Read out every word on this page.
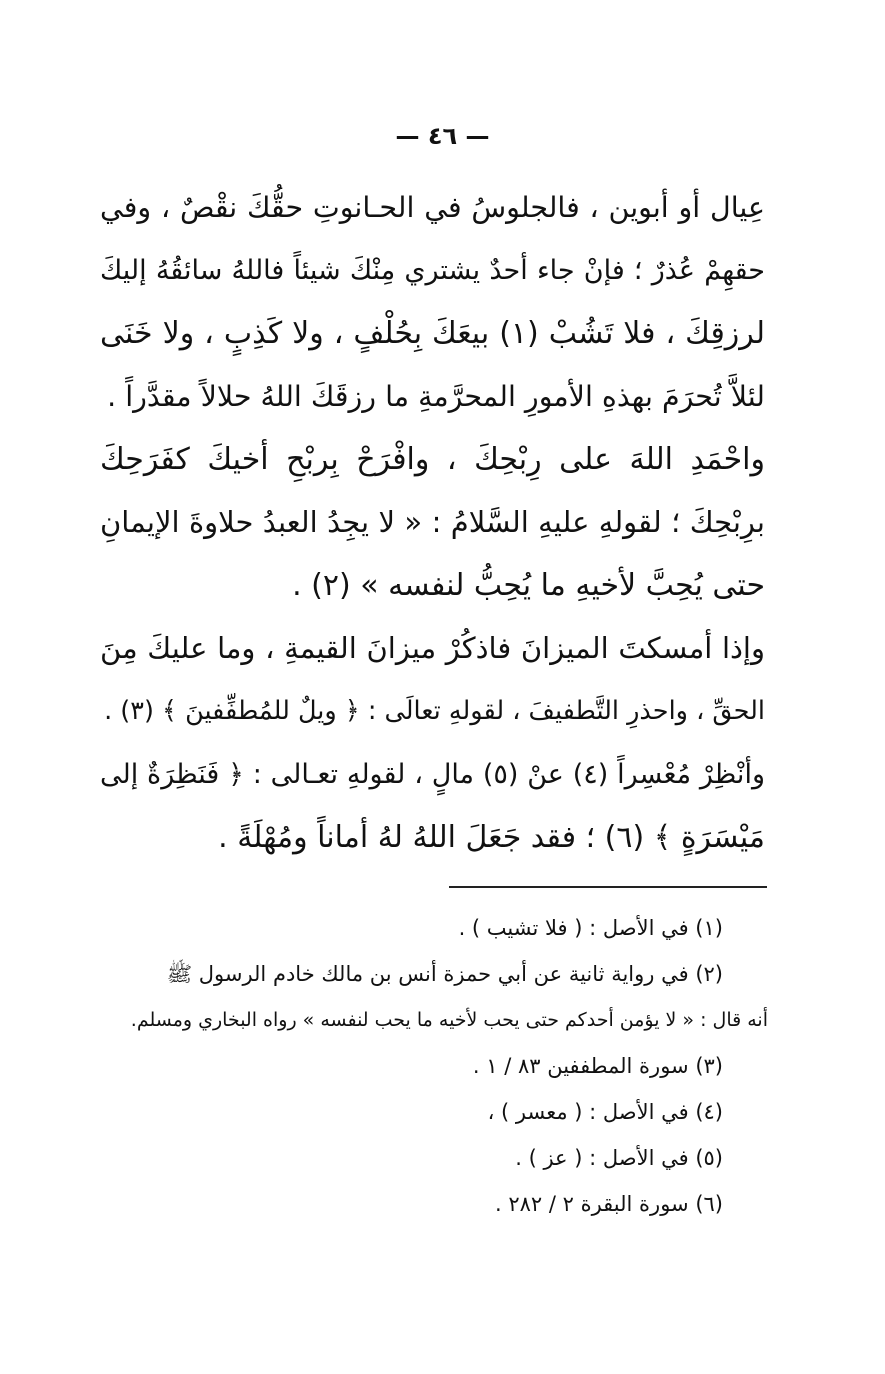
— ٤٦ —
عِيال أو أبوين ، فالجلوسُ في الحـانوتِ حقُّكَ نقْصٌ ، وفي
حقهِمْ عُذرٌ ؛ فإنْ جاء أحدٌ يشتري مِنْكَ شيئاً فاللهُ سائقُهُ إليكَ
لرزقِكَ ، فلا تَشُبْ (١) بيعَكَ بِحُلْفٍ ، ولا كَذِبٍ ، ولا خَنَى
لئلاَّ تُحرَمَ بهذهِ الأمورِ المحرَّمةِ ما رزقَكَ اللهُ حلالاً مقدَّراً .
واحْمَدِ اللهَ على رِبْحِكَ ، وافْرَحْ بِربْحِ أخيكَ كفَرَحِكَ
برِبْحِكَ ؛ لقولهِ عليهِ السَّلامُ : « لا يجِدُ العبدُ حلاوةَ الإيمانِ
حتى يُحِبَّ لأخيهِ ما يُحِبُّ لنفسه » (٢) .
وإذا أمسكتَ الميزانَ فاذكُرْ ميزانَ القيمةِ ، وما عليكَ مِنَ
الحقِّ ، واحذرِ التَّطفيفَ ، لقولهِ تعالَى : ﴿ ويلٌ للمُطفِّفينَ ﴾ (٣) .
وأنْظِرْ مُعْسِراً (٤) عنْ (٥) مالٍ ، لقولهِ تعـالى : ﴿ فَنَظِرَةٌ إلى
مَيْسَرَةٍ ﴾ (٦) ؛ فقد جَعَلَ اللهُ لهُ أماناً ومُهْلَةً .
(١) في الأصل : ( فلا تشيب ) .
(٢) في رواية ثانية عن أبي حمزة أنس بن مالك خادم الرسول ﷺ
أنه قال : « لا يؤمن أحدكم حتى يحب لأخيه ما يحب لنفسه » رواه البخاري ومسلم.
(٣) سورة المطففين ٨٣ / ١ .
(٤) في الأصل : ( معسر ) ،
(٥) في الأصل : ( عز ) .
(٦) سورة البقرة ٢ / ٢٨٢ .
